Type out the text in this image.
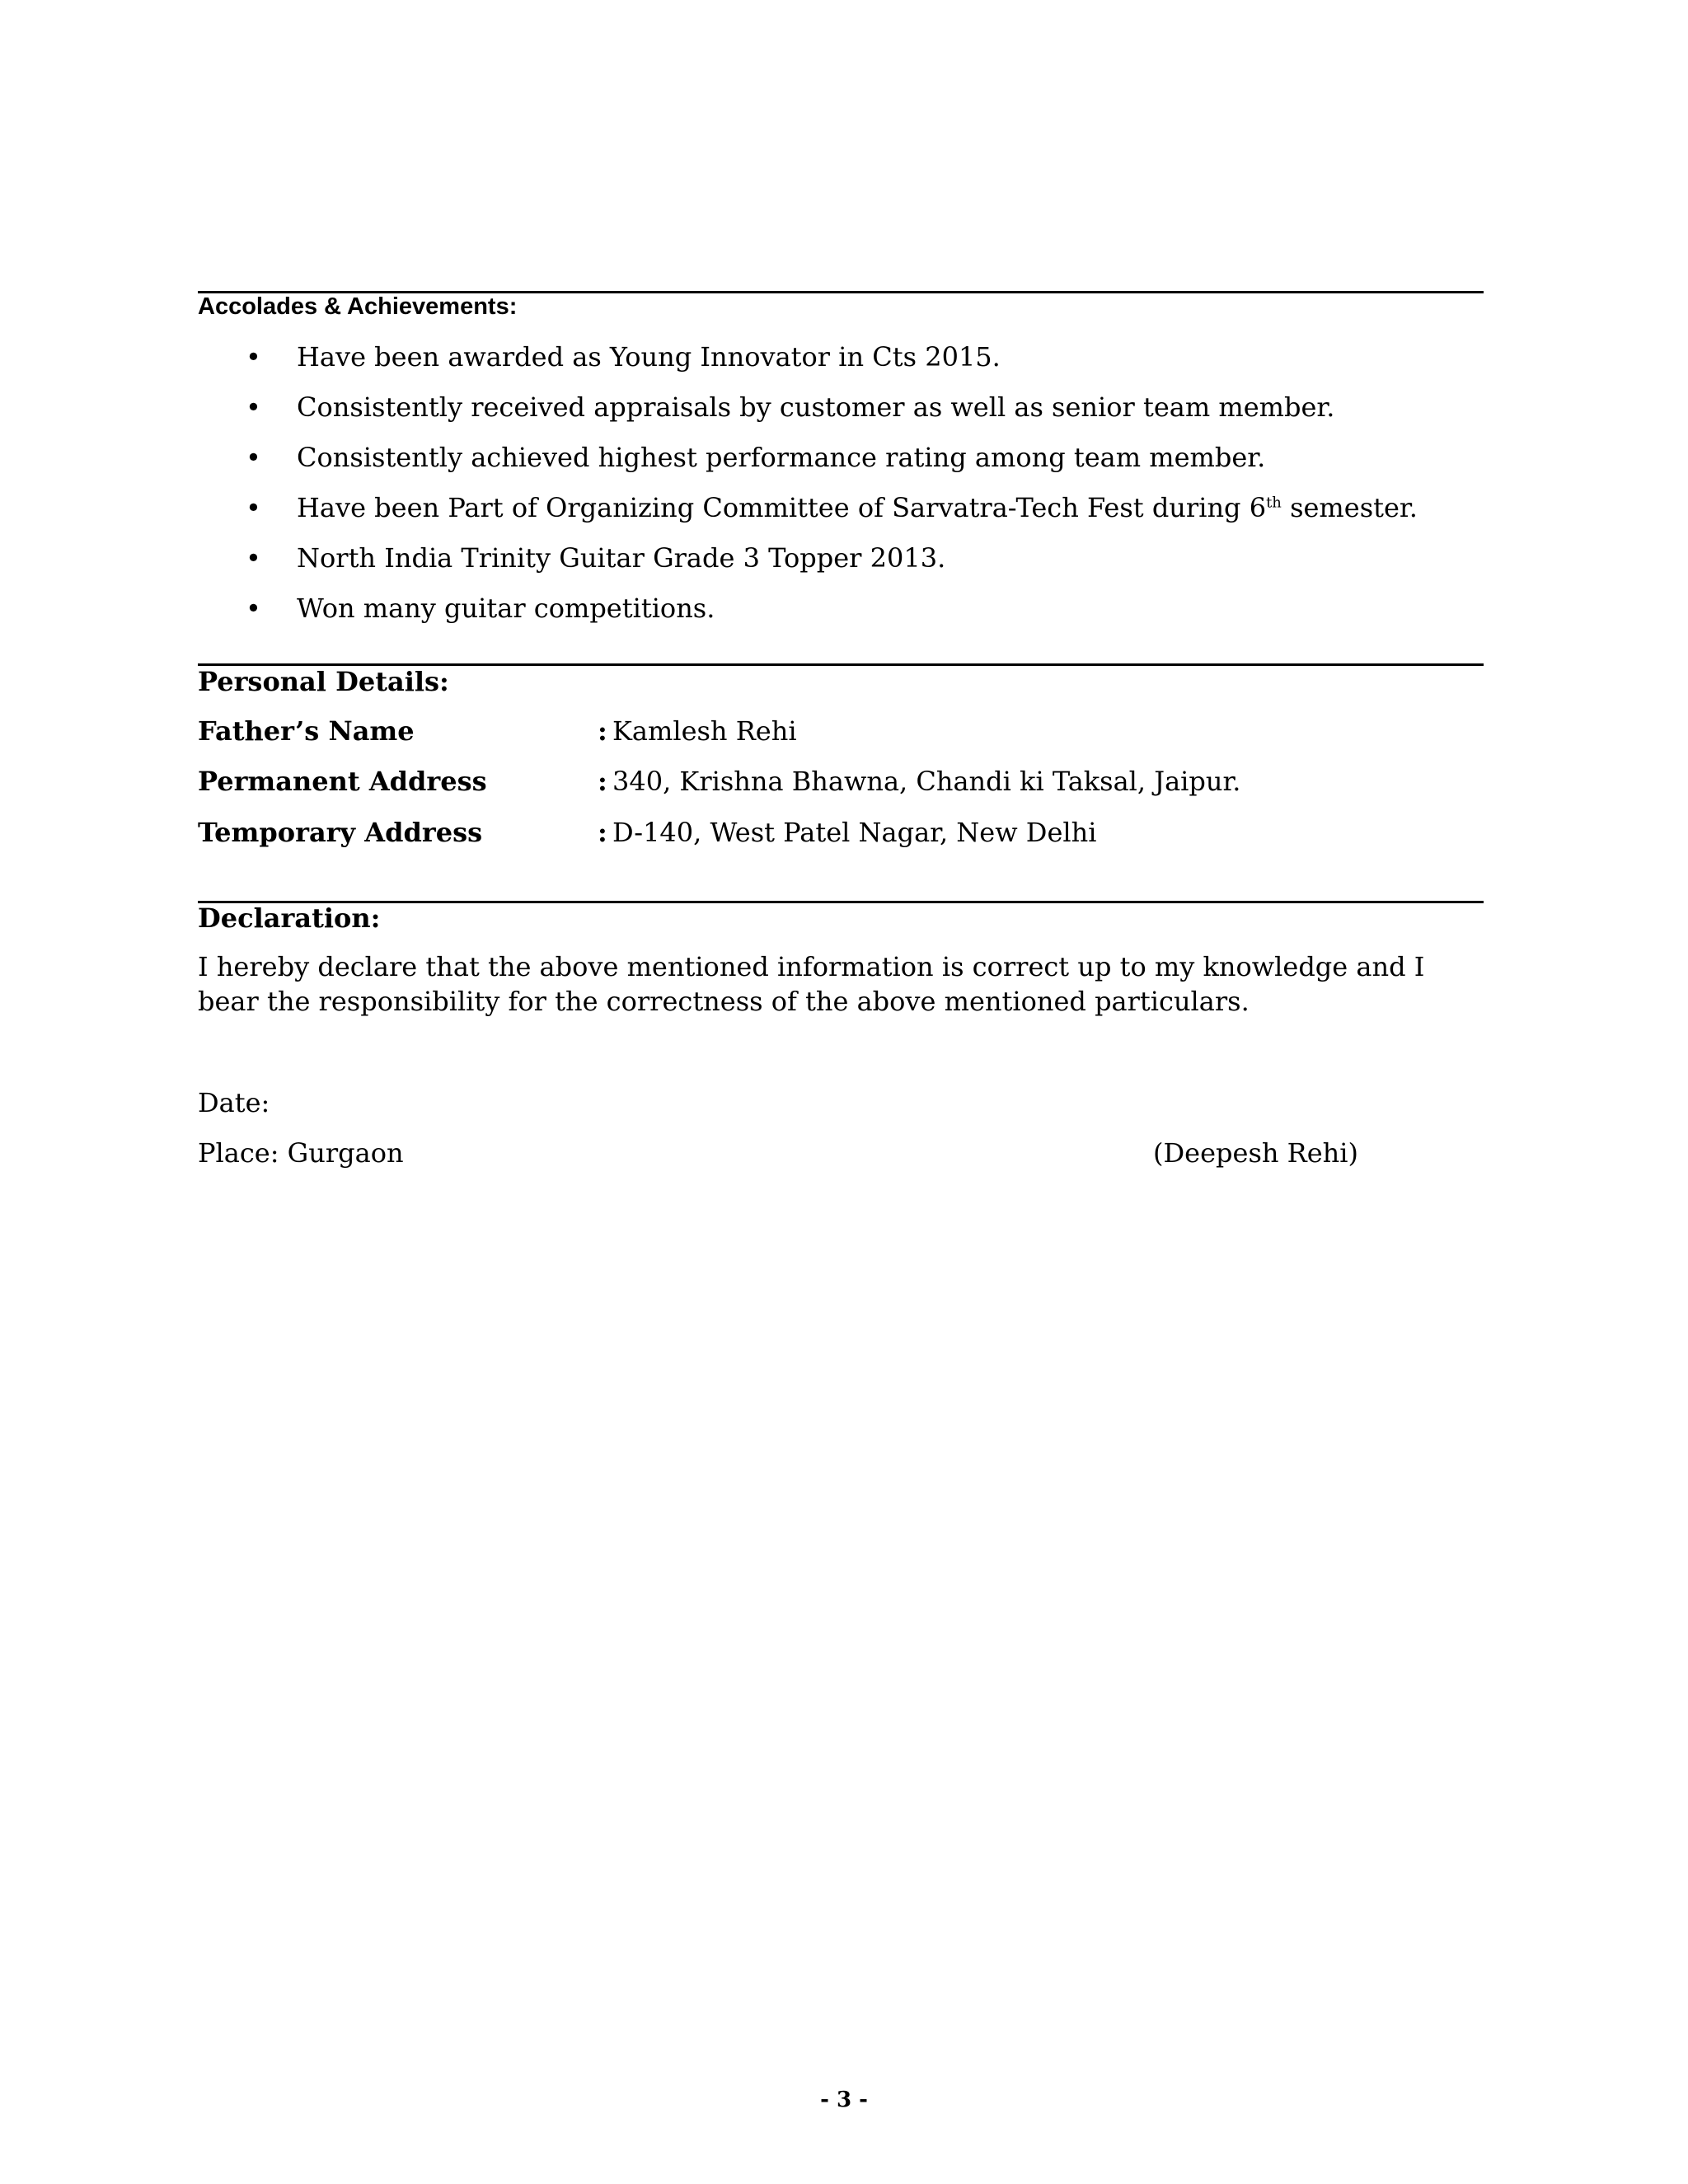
Accolades & Achievements:
• Have been awarded as Young Innovator in Cts 2015.
• Consistently received appraisals by customer as well as senior team member.
• Consistently achieved highest performance rating among team member.
• Have been Part of Organizing Committee of Sarvatra-Tech Fest during 6th semester.
• North India Trinity Guitar Grade 3 Topper 2013.
• Won many guitar competitions.
Personal Details:
Father’s Name	: Kamlesh Rehi
Permanent Address	: 340, Krishna Bhawna, Chandi ki Taksal, Jaipur.
Temporary Address	: D-140, West Patel Nagar, New Delhi
Declaration:
I hereby declare that the above mentioned information is correct up to my knowledge and I bear the responsibility for the correctness of the above mentioned particulars.
Date:
Place: Gurgaon	(Deepesh Rehi)
- 3 -
